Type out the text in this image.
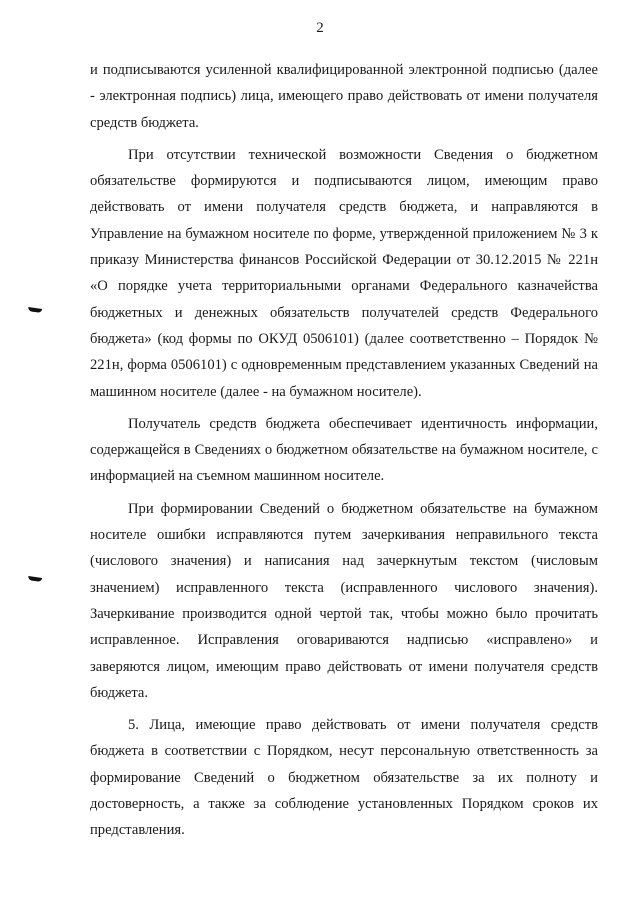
2

и подписываются усиленной квалифицированной электронной подписью (далее - электронная подпись) лица, имеющего право действовать от имени получателя средств бюджета.

При отсутствии технической возможности Сведения о бюджетном обязательстве формируются и подписываются лицом, имеющим право действовать от имени получателя средств бюджета, и направляются в Управление на бумажном носителе по форме, утвержденной приложением № 3 к приказу Министерства финансов Российской Федерации от 30.12.2015 № 221н «О порядке учета территориальными органами Федерального казначейства бюджетных и денежных обязательств получателей средств Федерального бюджета» (код формы по ОКУД 0506101) (далее соответственно – Порядок № 221н, форма 0506101) с одновременным представлением указанных Сведений на машинном носителе (далее - на бумажном носителе).

Получатель средств бюджета обеспечивает идентичность информации, содержащейся в Сведениях о бюджетном обязательстве на бумажном носителе, с информацией на съемном машинном носителе.

При формировании Сведений о бюджетном обязательстве на бумажном носителе ошибки исправляются путем зачеркивания неправильного текста (числового значения) и написания над зачеркнутым текстом (числовым значением) исправленного текста (исправленного числового значения). Зачеркивание производится одной чертой так, чтобы можно было прочитать исправленное. Исправления оговариваются надписью «исправлено» и заверяются лицом, имеющим право действовать от имени получателя средств бюджета.

5. Лица, имеющие право действовать от имени получателя средств бюджета в соответствии с Порядком, несут персональную ответственность за формирование Сведений о бюджетном обязательстве за их полноту и достоверность, а также за соблюдение установленных Порядком сроков их представления.
